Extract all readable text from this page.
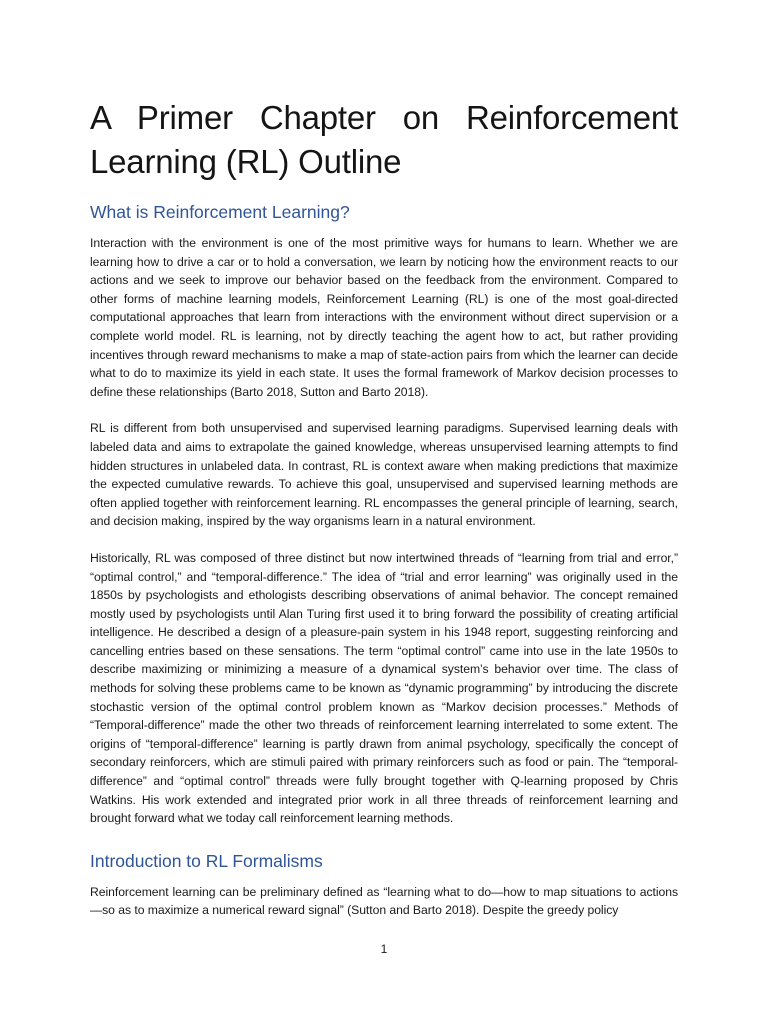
A Primer Chapter on Reinforcement
Learning (RL) Outline
What is Reinforcement Learning?

Interaction with the environment is one of the most primitive ways for humans to learn. Whether we are learning how to drive a car or to hold a conversation, we learn by noticing how the environment reacts to our actions and we seek to improve our behavior based on the feedback from the environment. Compared to other forms of machine learning models, Reinforcement Learning (RL) is one of the most goal-directed computational approaches that learn from interactions with the environment without direct supervision or a complete world model. RL is learning, not by directly teaching the agent how to act, but rather providing incentives through reward mechanisms to make a map of state-action pairs from which the learner can decide what to do to maximize its yield in each state. It uses the formal framework of Markov decision processes to define these relationships (Barto 2018, Sutton and Barto 2018).

RL is different from both unsupervised and supervised learning paradigms. Supervised learning deals with labeled data and aims to extrapolate the gained knowledge, whereas unsupervised learning attempts to find hidden structures in unlabeled data. In contrast, RL is context aware when making predictions that maximize the expected cumulative rewards. To achieve this goal, unsupervised and supervised learning methods are often applied together with reinforcement learning. RL encompasses the general principle of learning, search, and decision making, inspired by the way organisms learn in a natural environment.

Historically, RL was composed of three distinct but now intertwined threads of “learning from trial and error,” “optimal control,” and “temporal-difference.” The idea of “trial and error learning” was originally used in the 1850s by psychologists and ethologists describing observations of animal behavior. The concept remained mostly used by psychologists until Alan Turing first used it to bring forward the possibility of creating artificial intelligence. He described a design of a pleasure-pain system in his 1948 report, suggesting reinforcing and cancelling entries based on these sensations. The term “optimal control” came into use in the late 1950s to describe maximizing or minimizing a measure of a dynamical system’s behavior over time. The class of methods for solving these problems came to be known as “dynamic programming” by introducing the discrete stochastic version of the optimal control problem known as “Markov decision processes.” Methods of “Temporal-difference” made the other two threads of reinforcement learning interrelated to some extent. The origins of “temporal-difference” learning is partly drawn from animal psychology, specifically the concept of secondary reinforcers, which are stimuli paired with primary reinforcers such as food or pain. The “temporal-difference” and “optimal control” threads were fully brought together with Q-learning proposed by Chris Watkins. His work extended and integrated prior work in all three threads of reinforcement learning and brought forward what we today call reinforcement learning methods.

Introduction to RL Formalisms

Reinforcement learning can be preliminary defined as “learning what to do—how to map situations to actions—so as to maximize a numerical reward signal” (Sutton and Barto 2018). Despite the greedy policy

1
